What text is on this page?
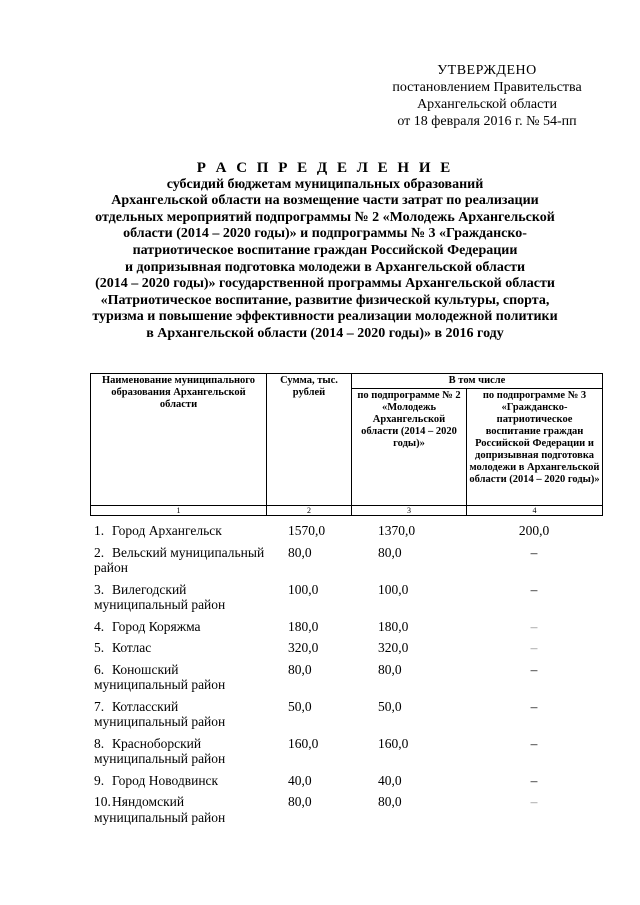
УТВЕРЖДЕНО
постановлением Правительства
Архангельской области
от 18 февраля 2016 г. № 54-пп
Р А С П Р Е Д Е Л Е Н И Е
субсидий бюджетам муниципальных образований
Архангельской области на возмещение части затрат по реализации
отдельных мероприятий подпрограммы № 2 «Молодежь Архангельской
области (2014 – 2020 годы)» и подпрограммы № 3 «Гражданско-
патриотическое воспитание граждан Российской Федерации
и допризывная подготовка молодежи в Архангельской области
(2014 – 2020 годы)» государственной программы Архангельской области
«Патриотическое воспитание, развитие физической культуры, спорта,
туризма и повышение эффективности реализации молодежной политики
в Архангельской области (2014 – 2020 годы)» в 2016 году
Наименование муниципального образования Архангельской области	Сумма, тыс. рублей	В том числе	
		по подпрограмме № 2 «Молодежь Архангельской области (2014 – 2020 годы)»	по подпрограмме № 3 «Гражданско-патриотическое воспитание граждан Российской Федерации и допризывная подготовка молодежи в Архангельской области (2014 – 2020 годы)»
1	2	3	4
1. Город Архангельск	1570,0	1370,0	200,0

2. Вельский муниципальный район	80,0	80,0	–

3. Вилегодский муниципальный район	100,0	100,0	–

4. Город Коряжма	180,0	180,0	–

5. Котлас	320,0	320,0	–

6. Коношский муниципальный район	80,0	80,0	–

7. Котласский муниципальный район	50,0	50,0	–

8. Красноборский муниципальный район	160,0	160,0	–

9. Город Новодвинск	40,0	40,0	–

10.Няндомский муниципальный район	80,0	80,0	–
